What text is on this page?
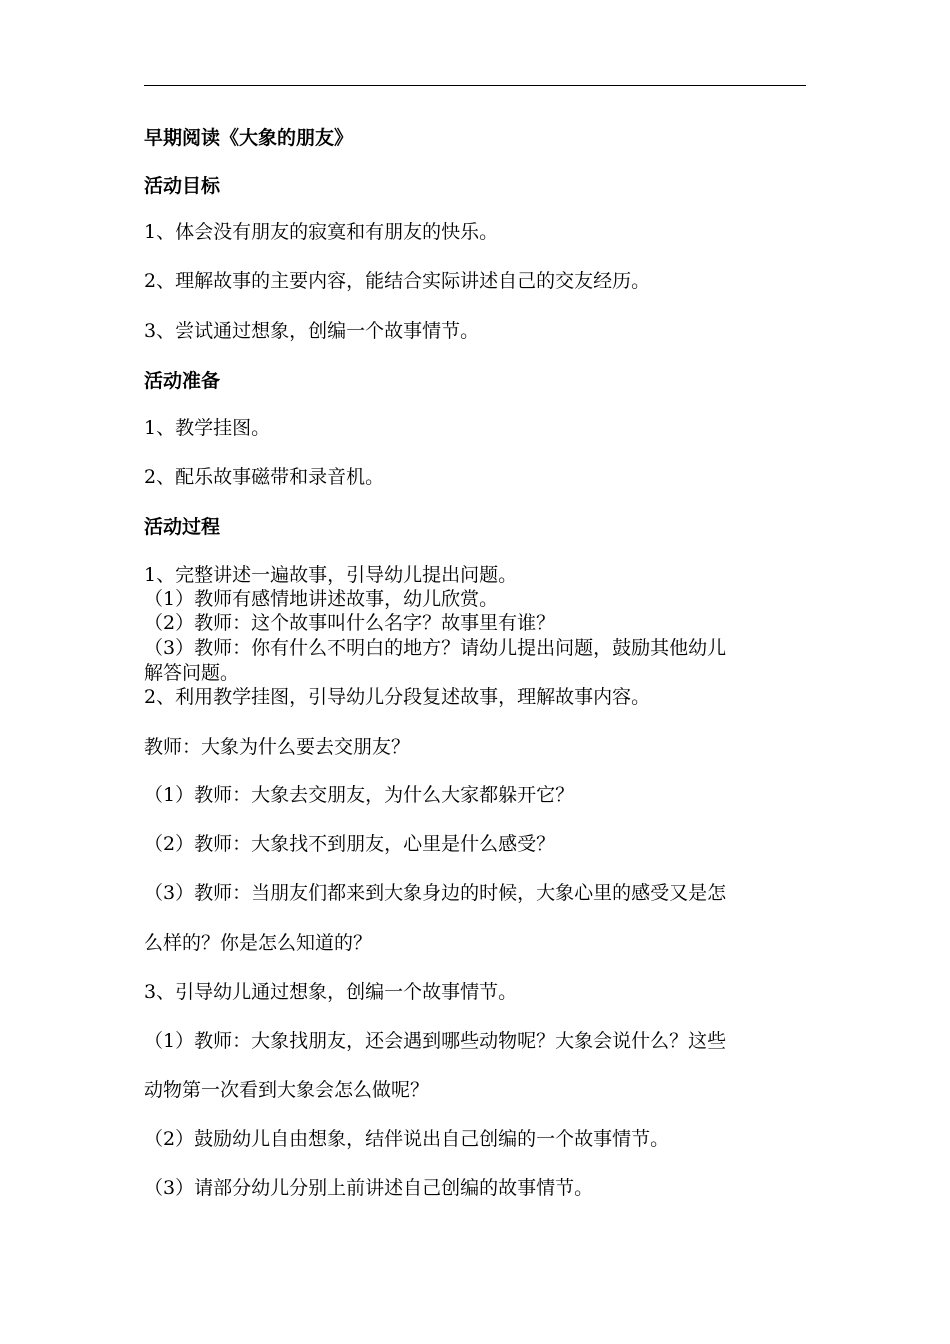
早期阅读《大象的朋友》
活动目标
1、体会没有朋友的寂寞和有朋友的快乐。
2、理解故事的主要内容，能结合实际讲述自己的交友经历。
3、尝试通过想象，创编一个故事情节。
活动准备
1、教学挂图。
2、配乐故事磁带和录音机。
活动过程
1、完整讲述一遍故事，引导幼儿提出问题。
（1）教师有感情地讲述故事，幼儿欣赏。
（2）教师：这个故事叫什么名字？故事里有谁？
（3）教师：你有什么不明白的地方？请幼儿提出问题，鼓励其他幼儿
解答问题。
2、利用教学挂图，引导幼儿分段复述故事，理解故事内容。
教师：大象为什么要去交朋友？
（1）教师：大象去交朋友，为什么大家都躲开它？
（2）教师：大象找不到朋友，心里是什么感受？
（3）教师：当朋友们都来到大象身边的时候，大象心里的感受又是怎
么样的？你是怎么知道的？
3、引导幼儿通过想象，创编一个故事情节。
（1）教师：大象找朋友，还会遇到哪些动物呢？大象会说什么？这些
动物第一次看到大象会怎么做呢？
（2）鼓励幼儿自由想象，结伴说出自己创编的一个故事情节。
（3）请部分幼儿分别上前讲述自己创编的故事情节。
